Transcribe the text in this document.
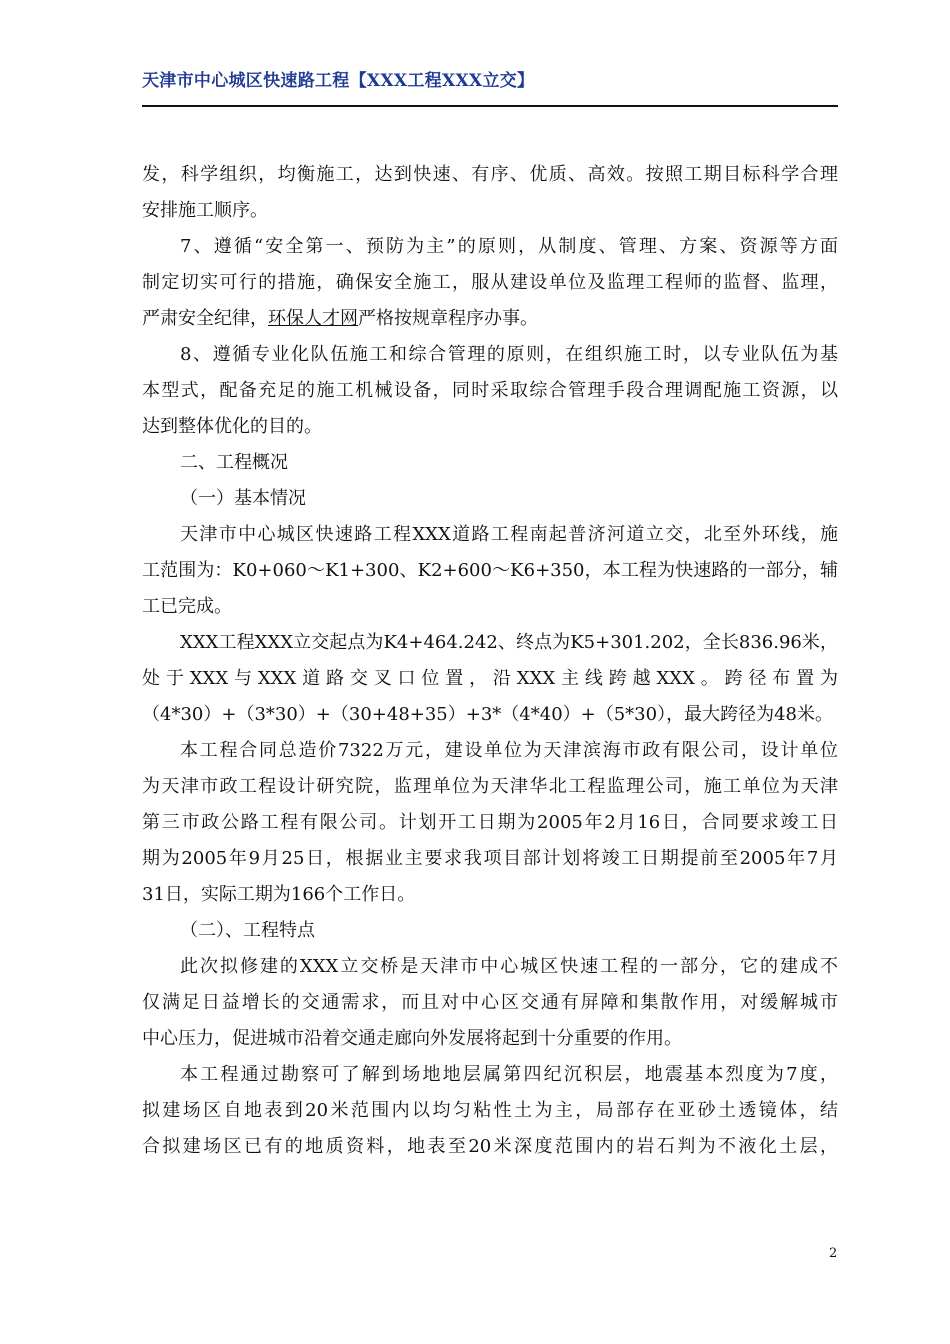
天津市中心城区快速路工程【XXX工程XXX立交】
发，科学组织，均衡施工，达到快速、有序、优质、高效。按照工期目标科学合理
安排施工顺序。
7、遵循“安全第一、预防为主”的原则，从制度、管理、方案、资源等方面
制定切实可行的措施，确保安全施工，服从建设单位及监理工程师的监督、监理，
严肃安全纪律，环保人才网严格按规章程序办事。
8、遵循专业化队伍施工和综合管理的原则，在组织施工时，以专业队伍为基
本型式，配备充足的施工机械设备，同时采取综合管理手段合理调配施工资源，以
达到整体优化的目的。
二、工程概况
（一）基本情况
天津市中心城区快速路工程XXX道路工程南起普济河道立交，北至外环线，施
工范围为：K0+060～K1+300、K2+600～K6+350，本工程为快速路的一部分，辅
工已完成。
XXX工程XXX立交起点为K4+464.242、终点为K5+301.202，全长836.96米，
处于XXX与XXX道路交叉口位置，沿XXX主线跨越XXX。跨径布置为
（4*30）+（3*30）+（30+48+35）+3*（4*40）+（5*30），最大跨径为48米。
本工程合同总造价7322万元，建设单位为天津滨海市政有限公司，设计单位
为天津市政工程设计研究院，监理单位为天津华北工程监理公司，施工单位为天津
第三市政公路工程有限公司。计划开工日期为2005年2月16日，合同要求竣工日
期为2005年9月25日，根据业主要求我项目部计划将竣工日期提前至2005年7月
31日，实际工期为166个工作日。
（二）、工程特点
此次拟修建的XXX立交桥是天津市中心城区快速工程的一部分，它的建成不
仅满足日益增长的交通需求，而且对中心区交通有屏障和集散作用，对缓解城市
中心压力，促进城市沿着交通走廊向外发展将起到十分重要的作用。
本工程通过勘察可了解到场地地层属第四纪沉积层，地震基本烈度为7度，
拟建场区自地表到20米范围内以均匀粘性土为主，局部存在亚砂土透镜体，结
合拟建场区已有的地质资料，地表至20米深度范围内的岩石判为不液化土层，
2
